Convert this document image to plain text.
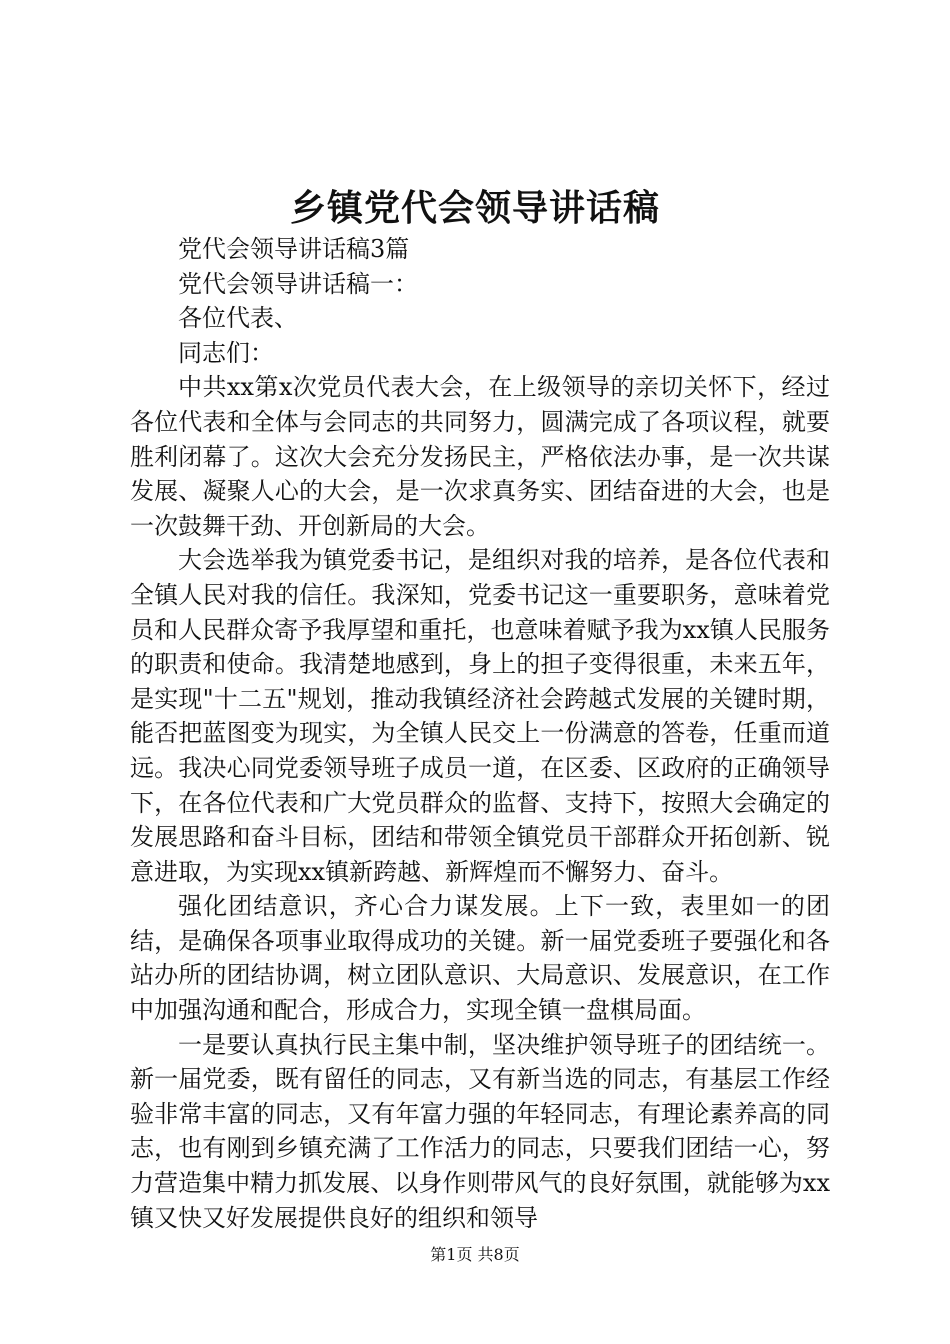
乡镇党代会领导讲话稿

党代会领导讲话稿3篇

党代会领导讲话稿一：

各位代表、

同志们：

中共xx第x次党员代表大会，在上级领导的亲切关怀下，经过各位代表和全体与会同志的共同努力，圆满完成了各项议程，就要胜利闭幕了。这次大会充分发扬民主，严格依法办事，是一次共谋发展、凝聚人心的大会，是一次求真务实、团结奋进的大会，也是一次鼓舞干劲、开创新局的大会。

大会选举我为镇党委书记，是组织对我的培养，是各位代表和全镇人民对我的信任。我深知，党委书记这一重要职务，意味着党员和人民群众寄予我厚望和重托，也意味着赋予我为xx镇人民服务的职责和使命。我清楚地感到，身上的担子变得很重，未来五年，是实现"十二五"规划，推动我镇经济社会跨越式发展的关键时期，能否把蓝图变为现实，为全镇人民交上一份满意的答卷，任重而道远。我决心同党委领导班子成员一道，在区委、区政府的正确领导下，在各位代表和广大党员群众的监督、支持下，按照大会确定的发展思路和奋斗目标，团结和带领全镇党员干部群众开拓创新、锐意进取，为实现xx镇新跨越、新辉煌而不懈努力、奋斗。

强化团结意识，齐心合力谋发展。上下一致，表里如一的团结，是确保各项事业取得成功的关键。新一届党委班子要强化和各站办所的团结协调，树立团队意识、大局意识、发展意识，在工作中加强沟通和配合，形成合力，实现全镇一盘棋局面。

一是要认真执行民主集中制，坚决维护领导班子的团结统一。新一届党委，既有留任的同志，又有新当选的同志，有基层工作经验非常丰富的同志，又有年富力强的年轻同志，有理论素养高的同志，也有刚到乡镇充满了工作活力的同志，只要我们团结一心，努力营造集中精力抓发展、以身作则带风气的良好氛围，就能够为xx镇又快又好发展提供良好的组织和领导

第1页 共8页
